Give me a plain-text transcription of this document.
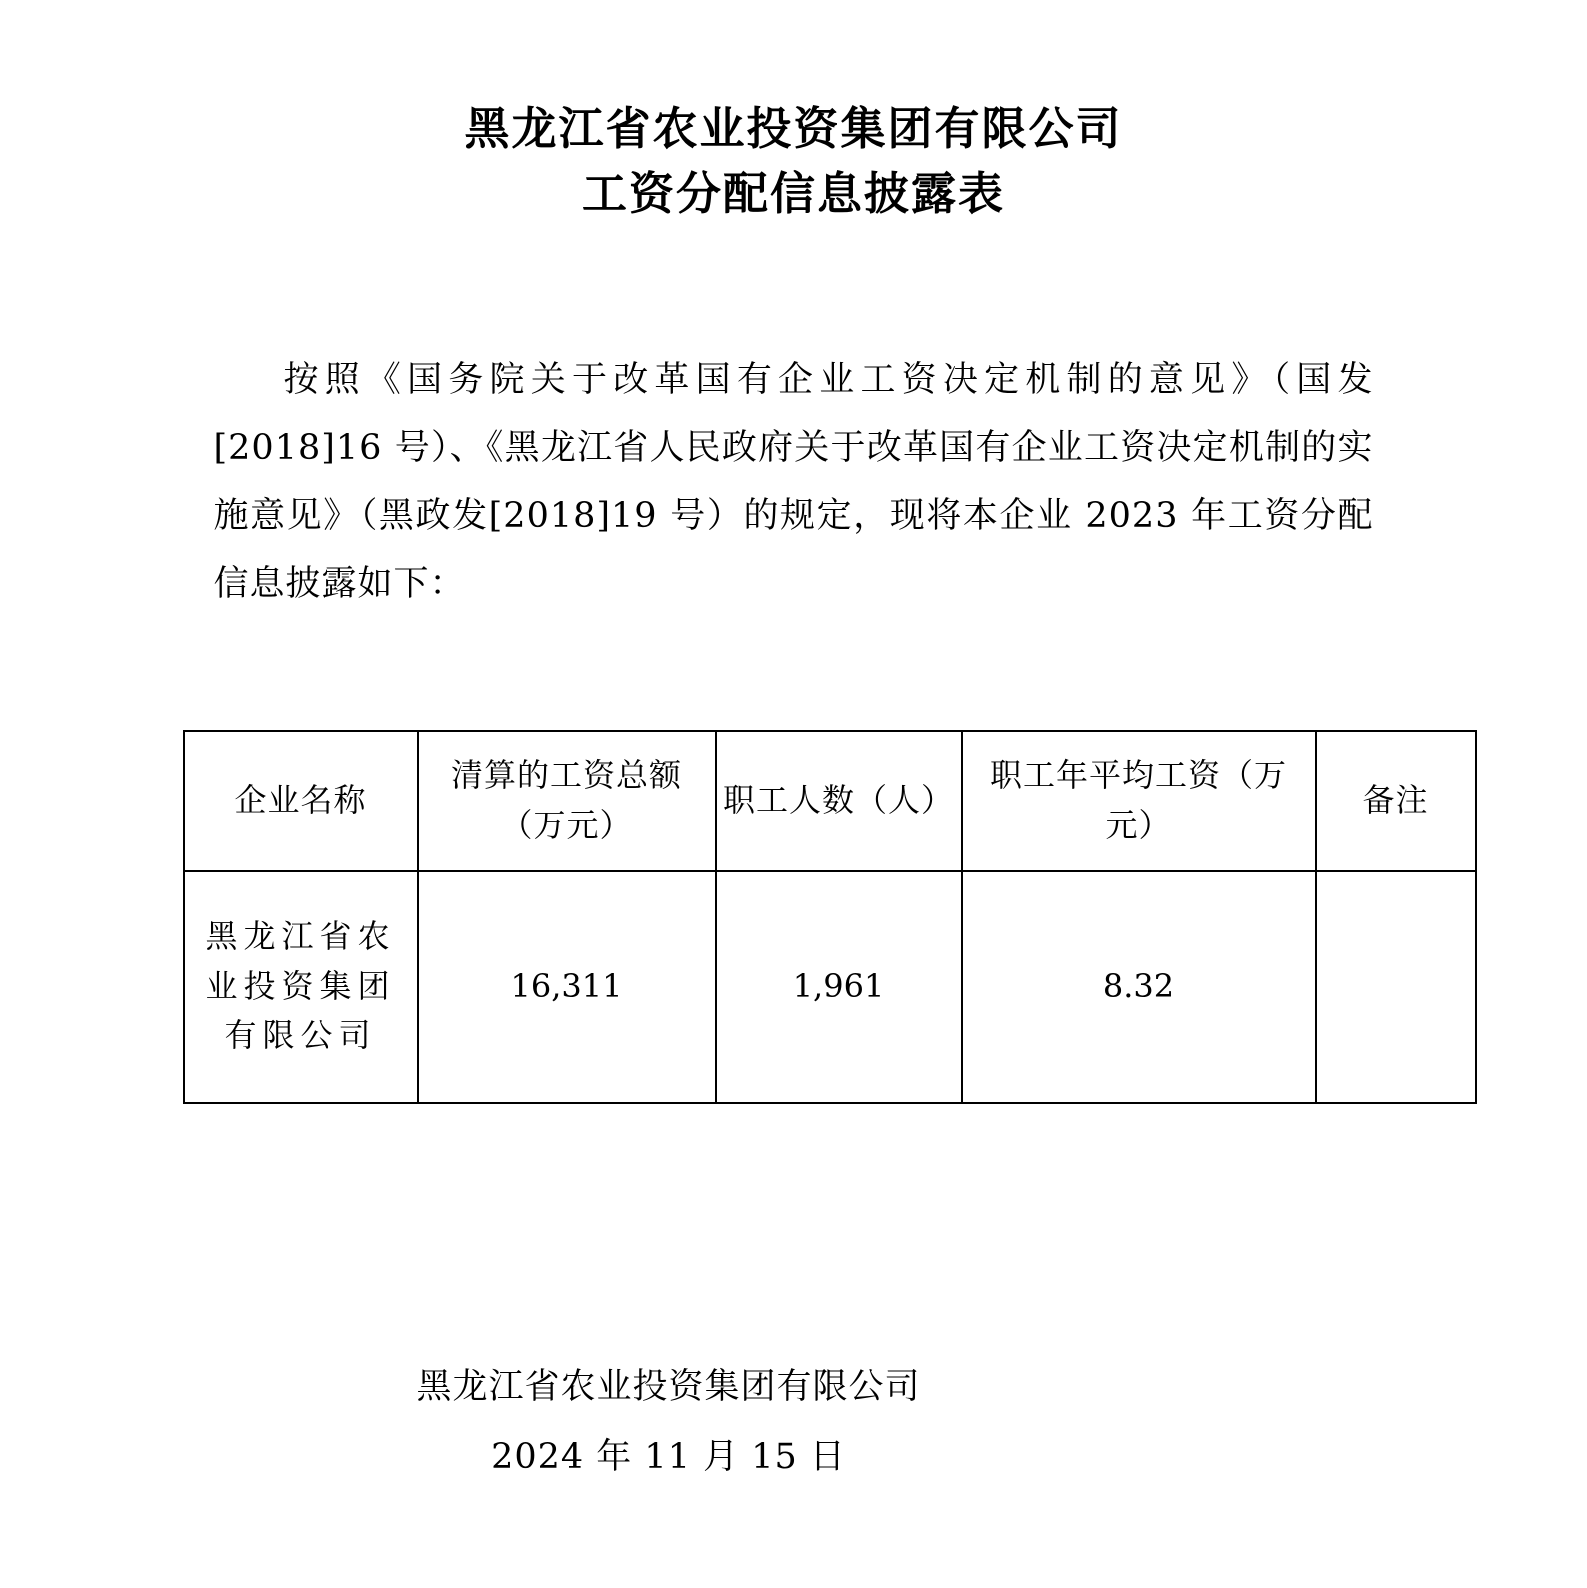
黑龙江省农业投资集团有限公司
工资分配信息披露表

按照《国务院关于改革国有企业工资决定机制的意见》（国发[2018]16 号）、《黑龙江省人民政府关于改革国有企业工资决定机制的实施意见》（黑政发[2018]19 号）的规定，现将本企业 2023 年工资分配信息披露如下：

企业名称	清算的工资总额（万元）	职工人数（人）	职工年平均工资（万元）	备注
黑龙江省农业投资集团有限公司	16,311	1,961	8.32	
黑龙江省农业投资集团有限公司
2024 年 11 月 15 日
